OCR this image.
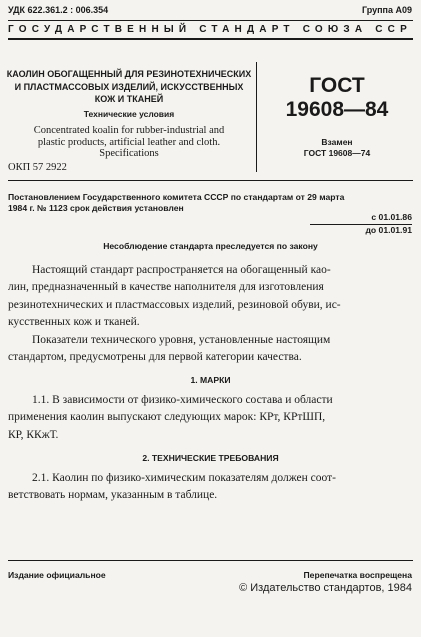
УДК 622.361.2 : 006.354	Группа А09
ГОСУДАРСТВЕННЫЙ СТАНДАРТ СОЮЗА ССР
КАОЛИН ОБОГАЩЕННЫЙ ДЛЯ РЕЗИНОТЕХНИЧЕСКИХ
И ПЛАСТМАССОВЫХ ИЗДЕЛИЙ, ИСКУССТВЕННЫХ
КОЖ И ТКАНЕЙ
Технические условия
Concentrated koalin for rubber-industrial and
plastic products, artificial leather and cloth.
Specifications
ОКП 57 2922
ГОСТ
19608—84
Взамен
ГОСТ 19608—74
Постановлением Государственного комитета СССР по стандартам от 29 марта
1984 г. № 1123 срок действия установлен
с 01.01.86
до 01.01.91
Несоблюдение стандарта преследуется по закону
Настоящий стандарт распространяется на обогащенный као-
лин, предназначенный в качестве наполнителя для изготовления
резинотехнических и пластмассовых изделий, резиновой обуви, ис-
кусственных кож и тканей.
Показатели технического уровня, установленные настоящим
стандартом, предусмотрены для первой категории качества.
1. МАРКИ
1.1. В зависимости от физико-химического состава и области
применения каолин выпускают следующих марок: КРт, КРтШП,
КР, ККжТ.
2. ТЕХНИЧЕСКИЕ ТРЕБОВАНИЯ
2.1. Каолин по физико-химическим показателям должен соот-
ветствовать нормам, указанным в таблице.
Издание официальное	Перепечатка воспрещена
© Издательство стандартов, 1984
